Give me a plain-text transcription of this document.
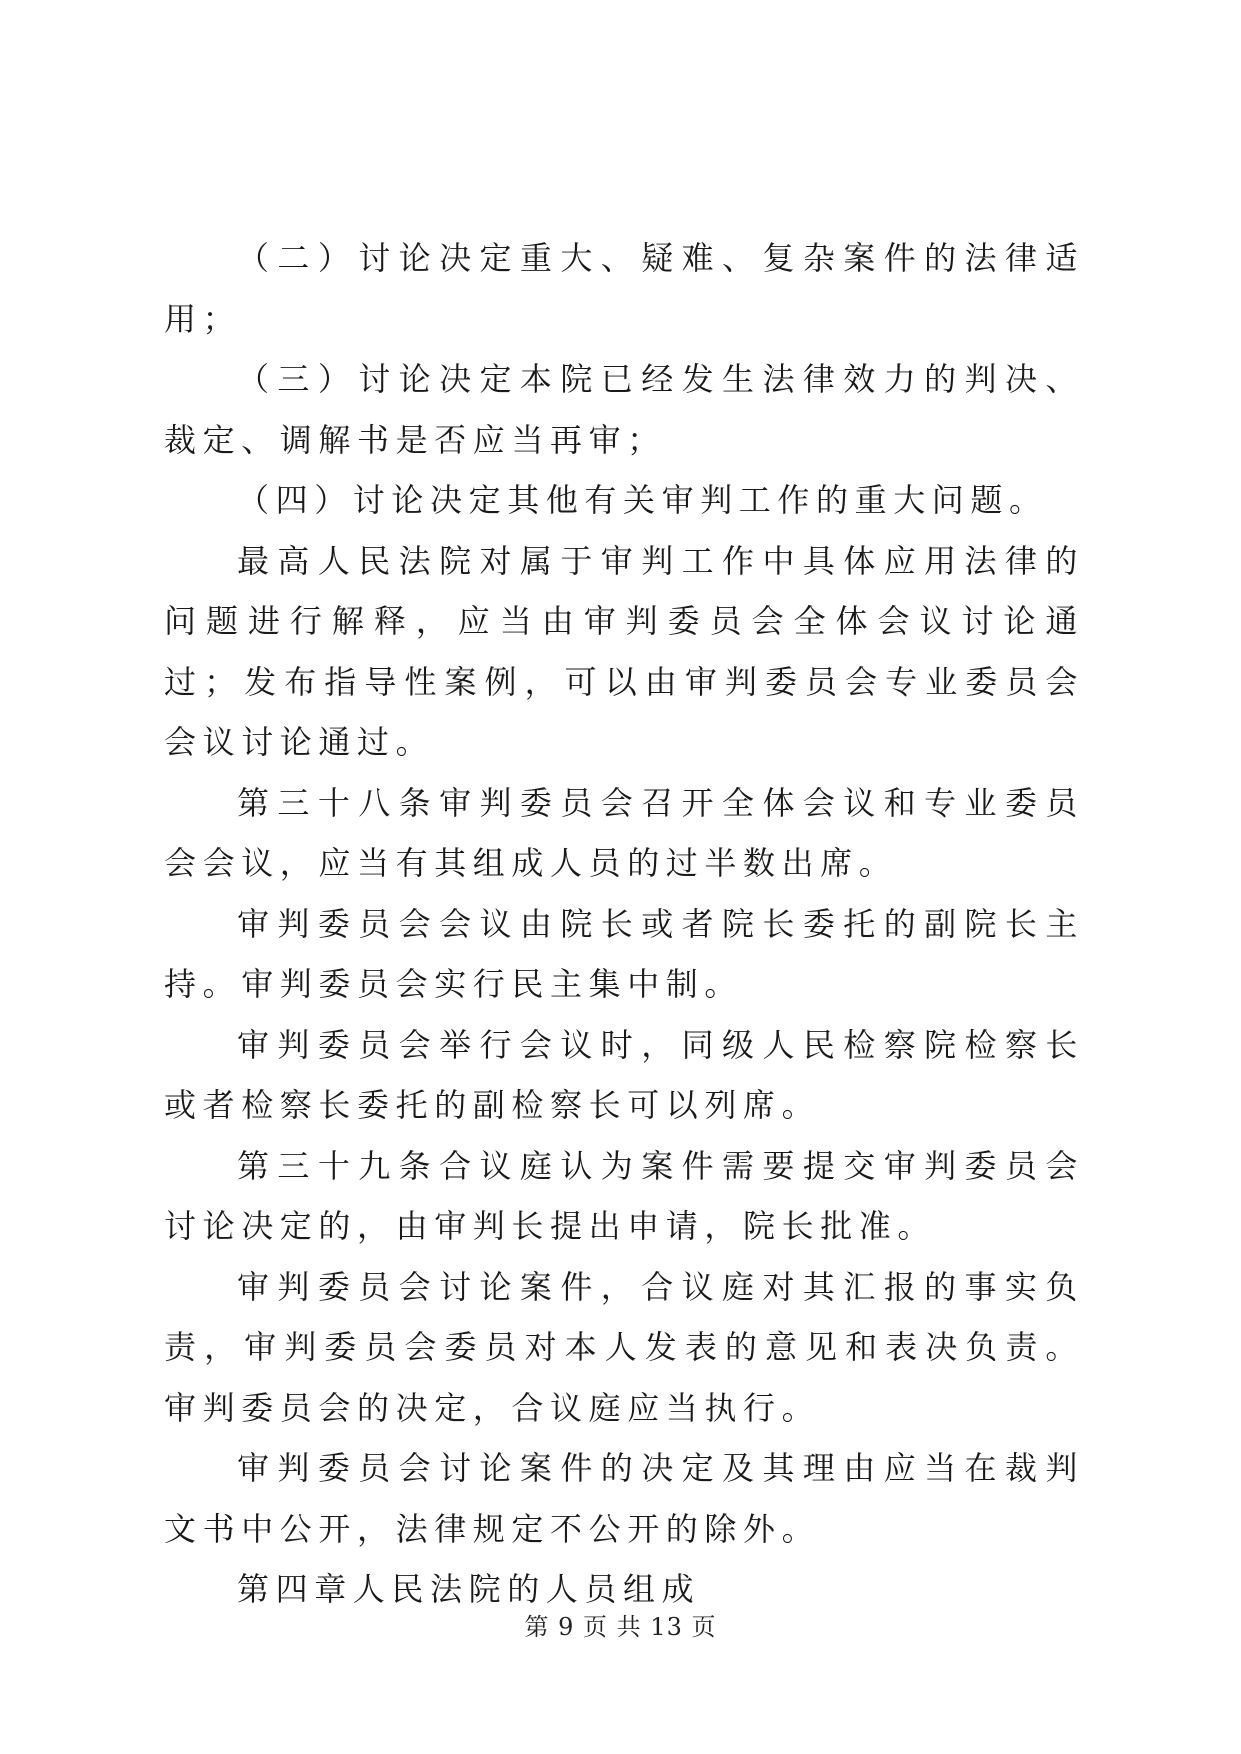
（二）讨论决定重大、疑难、复杂案件的法律适用；

（三）讨论决定本院已经发生法律效力的判决、裁定、调解书是否应当再审；

（四）讨论决定其他有关审判工作的重大问题。

最高人民法院对属于审判工作中具体应用法律的问题进行解释，应当由审判委员会全体会议讨论通过；发布指导性案例，可以由审判委员会专业委员会会议讨论通过。

第三十八条审判委员会召开全体会议和专业委员会会议，应当有其组成人员的过半数出席。

审判委员会会议由院长或者院长委托的副院长主持。审判委员会实行民主集中制。

审判委员会举行会议时，同级人民检察院检察长或者检察长委托的副检察长可以列席。

第三十九条合议庭认为案件需要提交审判委员会讨论决定的，由审判长提出申请，院长批准。

审判委员会讨论案件，合议庭对其汇报的事实负责，审判委员会委员对本人发表的意见和表决负责。审判委员会的决定，合议庭应当执行。

审判委员会讨论案件的决定及其理由应当在裁判文书中公开，法律规定不公开的除外。

第四章人民法院的人员组成

第 9 页 共 13 页
